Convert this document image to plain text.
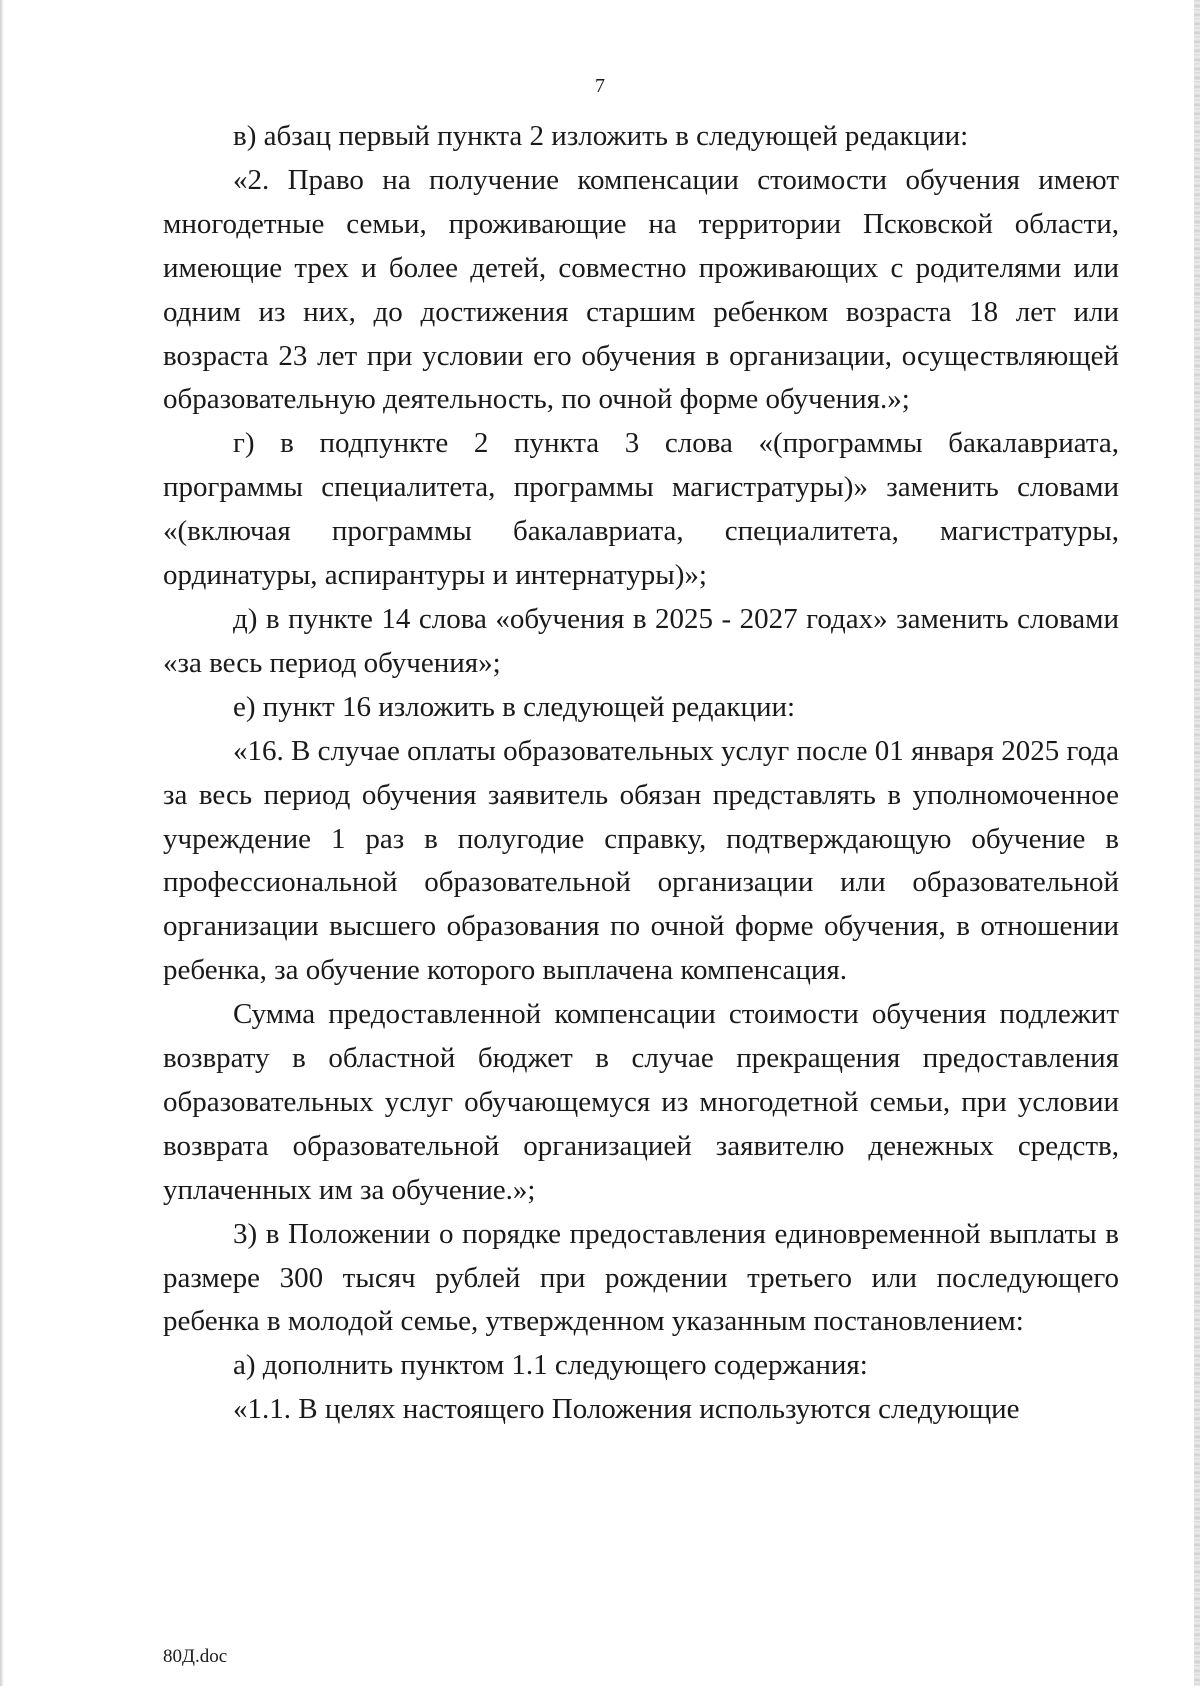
7

в) абзац первый пункта 2 изложить в следующей редакции:

«2. Право на получение компенсации стоимости обучения имеют многодетные семьи, проживающие на территории Псковской области, имеющие трех и более детей, совместно проживающих с родителями или одним из них, до достижения старшим ребенком возраста 18 лет или возраста 23 лет при условии его обучения в организации, осуществляющей образовательную деятельность, по очной форме обучения.»;

г) в подпункте 2 пункта 3 слова «(программы бакалавриата, программы специалитета, программы магистратуры)» заменить словами «(включая программы бакалавриата, специалитета, магистратуры, ординатуры, аспирантуры и интернатуры)»;

д) в пункте 14 слова «обучения в 2025 - 2027 годах» заменить словами «за весь период обучения»;

е) пункт 16 изложить в следующей редакции:

«16. В случае оплаты образовательных услуг после 01 января 2025 года за весь период обучения заявитель обязан представлять в уполномоченное учреждение 1 раз в полугодие справку, подтверждающую обучение в профессиональной образовательной организации или образовательной организации высшего образования по очной форме обучения, в отношении ребенка, за обучение которого выплачена компенсация.

Сумма предоставленной компенсации стоимости обучения подлежит возврату в областной бюджет в случае прекращения предоставления образовательных услуг обучающемуся из многодетной семьи, при условии возврата образовательной организацией заявителю денежных средств, уплаченных им за обучение.»;

3) в Положении о порядке предоставления единовременной выплаты в размере 300 тысяч рублей при рождении третьего или последующего ребенка в молодой семье, утвержденном указанным постановлением:

а) дополнить пунктом 1.1 следующего содержания:

«1.1. В целях настоящего Положения используются следующие

80Д.doc
